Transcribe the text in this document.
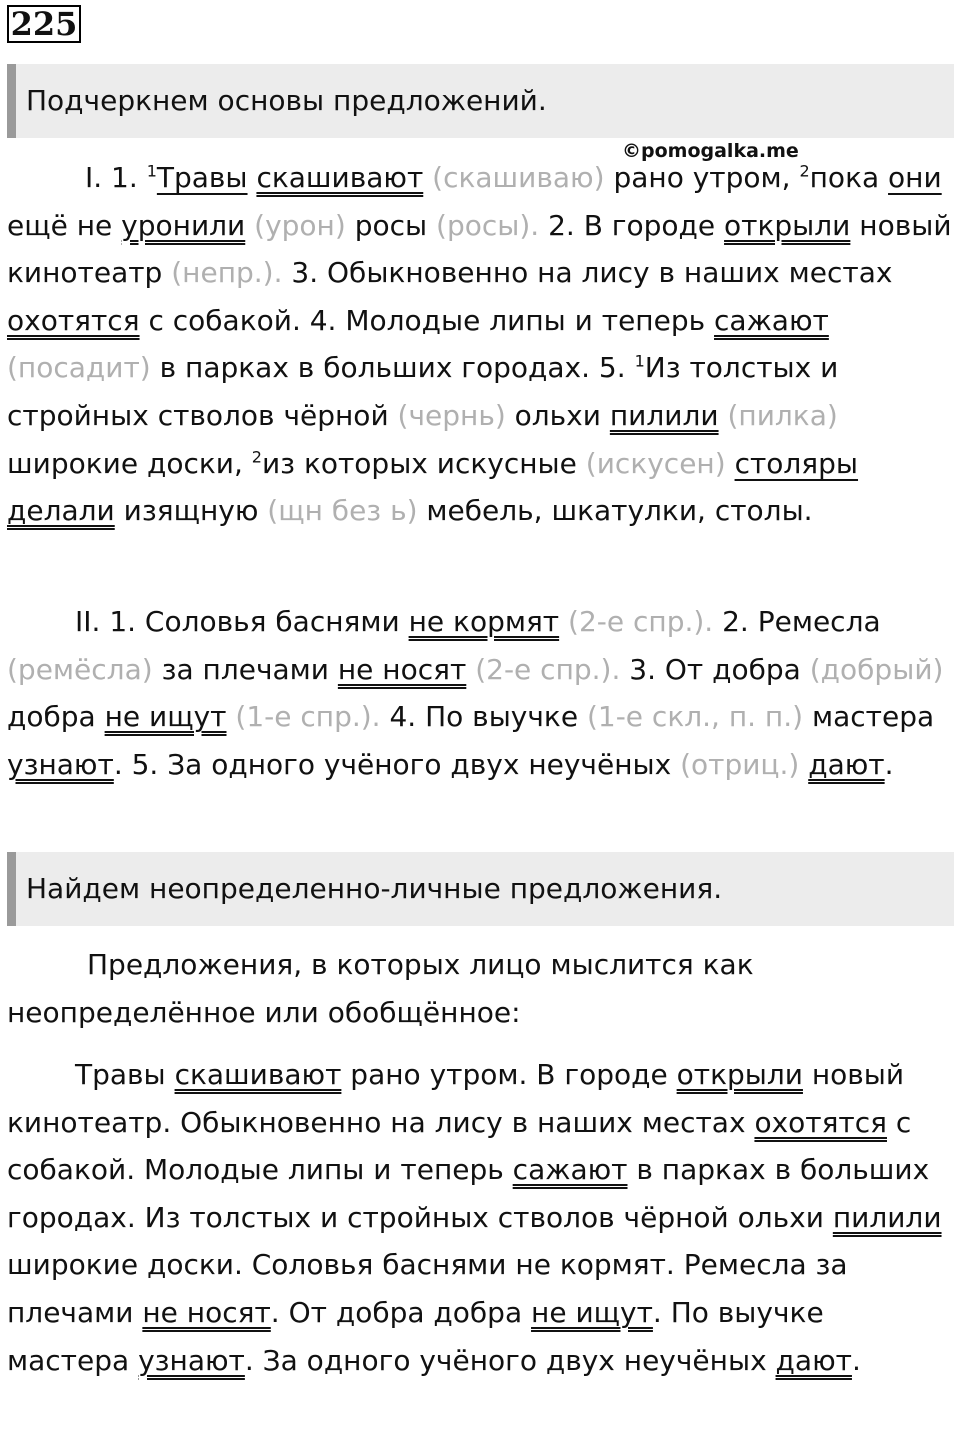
225
Подчеркнем основы предложений.
©pomogalka.me

I. 1. $^1$Травы скашивают (скашиваю) рано утром, $^2$пока они ещё не уронили (урон) росы (росы). 2. В городе открыли новый кинотеатр (непр.). 3. Обыкновенно на лису в наших местах охотятся с собакой. 4. Молодые липы и теперь сажают (посадит) в парках в больших городах. 5. $^1$Из толстых и стройных стволов чёрной (чернь) ольхи пилили (пилка) широкие доски, $^2$из которых искусные (искусен) столяры делали изящную (щн без ь) мебель, шкатулки, столы.

II. 1. Соловья баснями не кормят (2-е спр.). 2. Ремесла (ремёсла) за плечами не носят (2-е спр.). 3. От добра (добрый) добра не ищут (1-е спр.). 4. По выучке (1-е скл., п. п.) мастера узнают. 5. За одного учёного двух неучёных (отриц.) дают.

Найдем неопределенно-личные предложения.

Предложения, в которых лицо мыслится как неопределённое или обобщённое:

Травы скашивают рано утром. В городе открыли новый кинотеатр. Обыкновенно на лису в наших местах охотятся с собакой. Молодые липы и теперь сажают в парках в больших городах. Из толстых и стройных стволов чёрной ольхи пилили широкие доски. Соловья баснями не кормят. Ремесла за плечами не носят. От добра добра не ищут. По выучке мастера узнают. За одного учёного двух неучёных дают.
